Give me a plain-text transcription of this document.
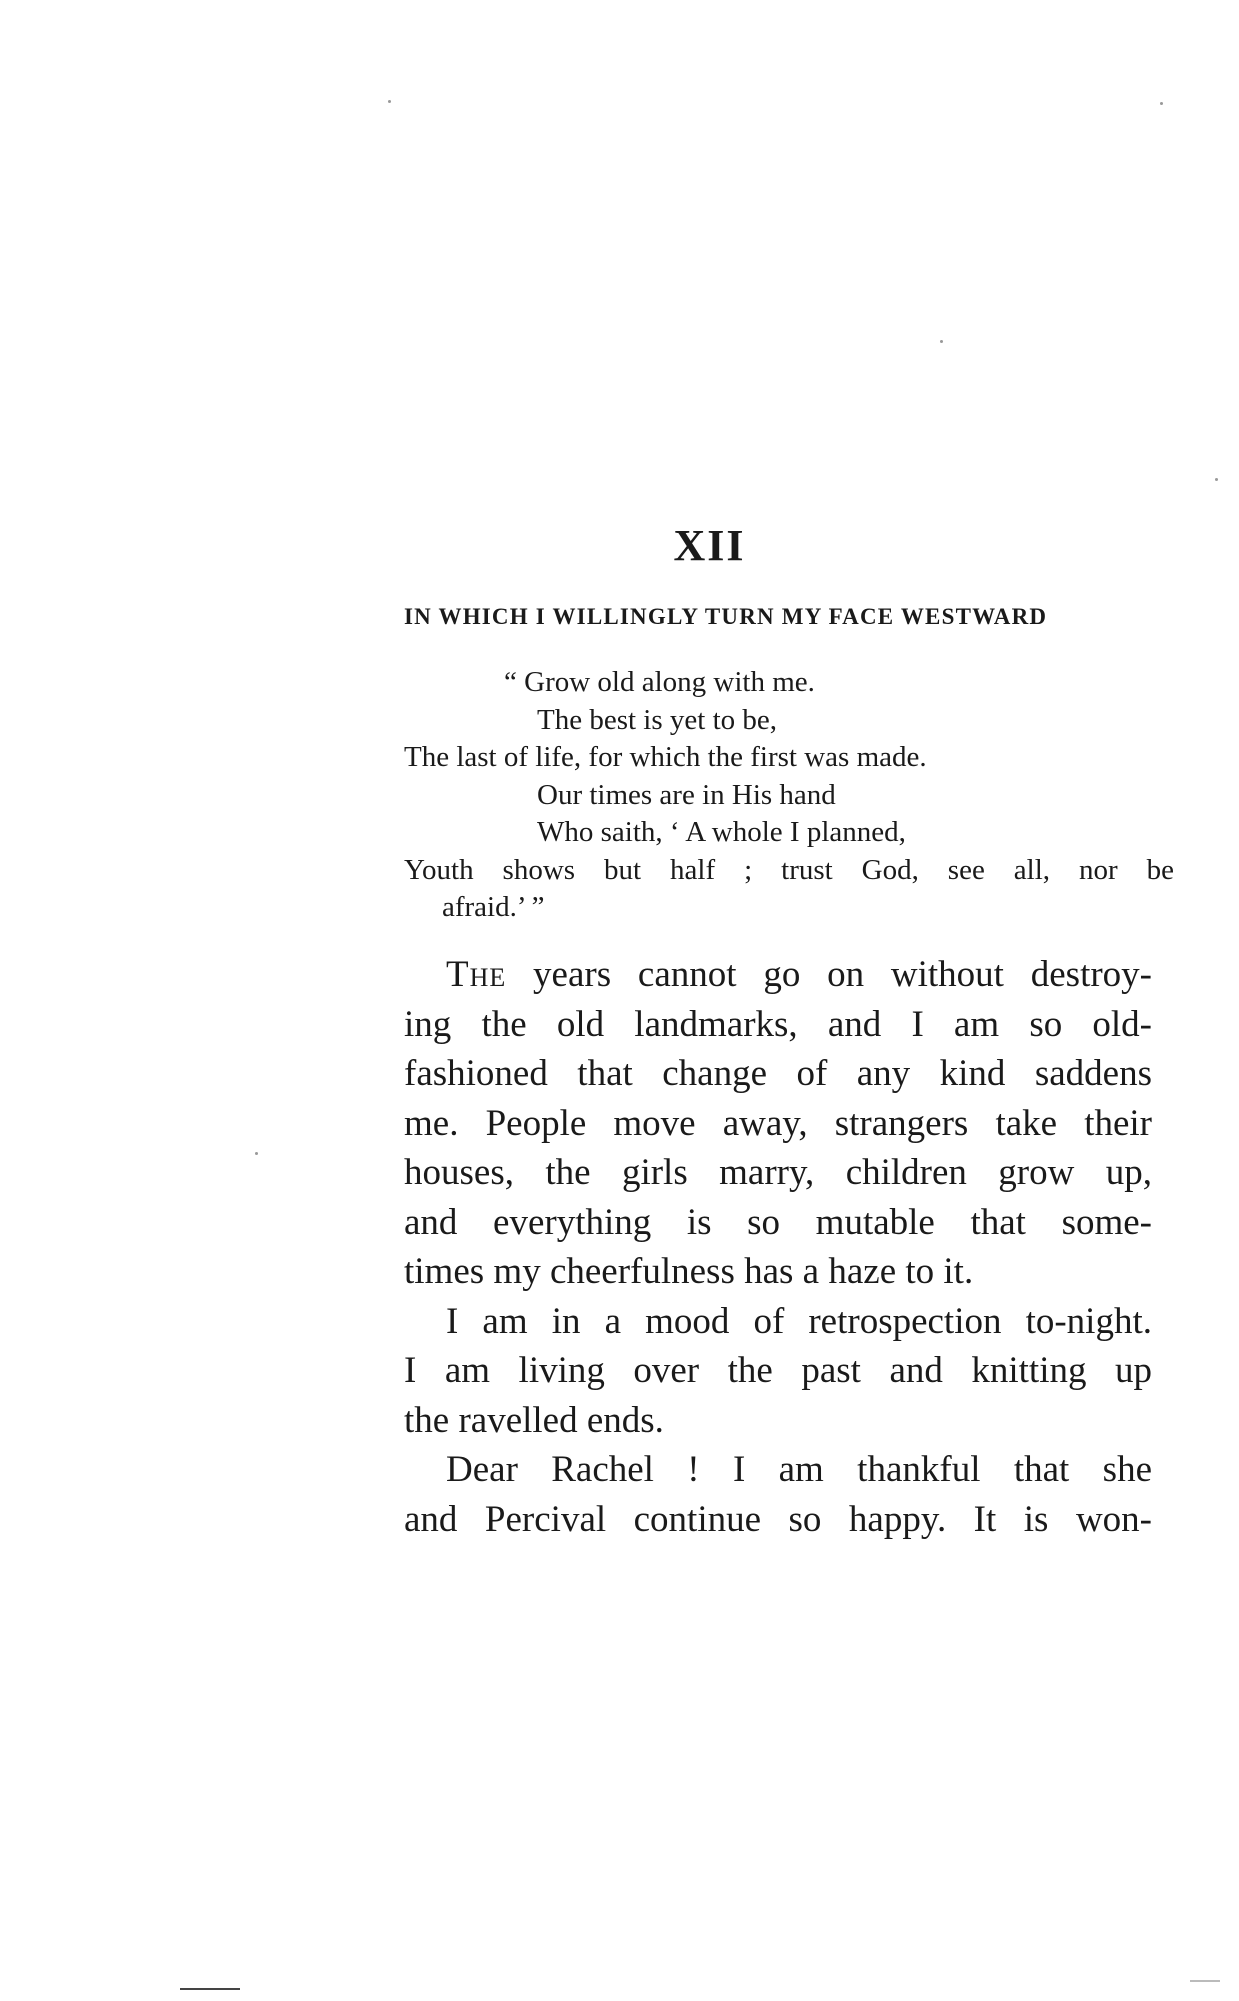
XII
IN WHICH I WILLINGLY TURN MY FACE WESTWARD
“ Grow old along with me.
The best is yet to be,
The last of life, for which the first was made.
Our times are in His hand
Who saith, ‘ A whole I planned,
Youth shows but half ; trust God, see all, nor be
afraid.’ ”
The years cannot go on without destroy-
ing the old landmarks, and I am so old-
fashioned that change of any kind saddens
me. People move away, strangers take their
houses, the girls marry, children grow up,
and everything is so mutable that some-
times my cheerfulness has a haze to it.
I am in a mood of retrospection to-night.
I am living over the past and knitting up
the ravelled ends.
Dear Rachel ! I am thankful that she
and Percival continue so happy. It is won-
